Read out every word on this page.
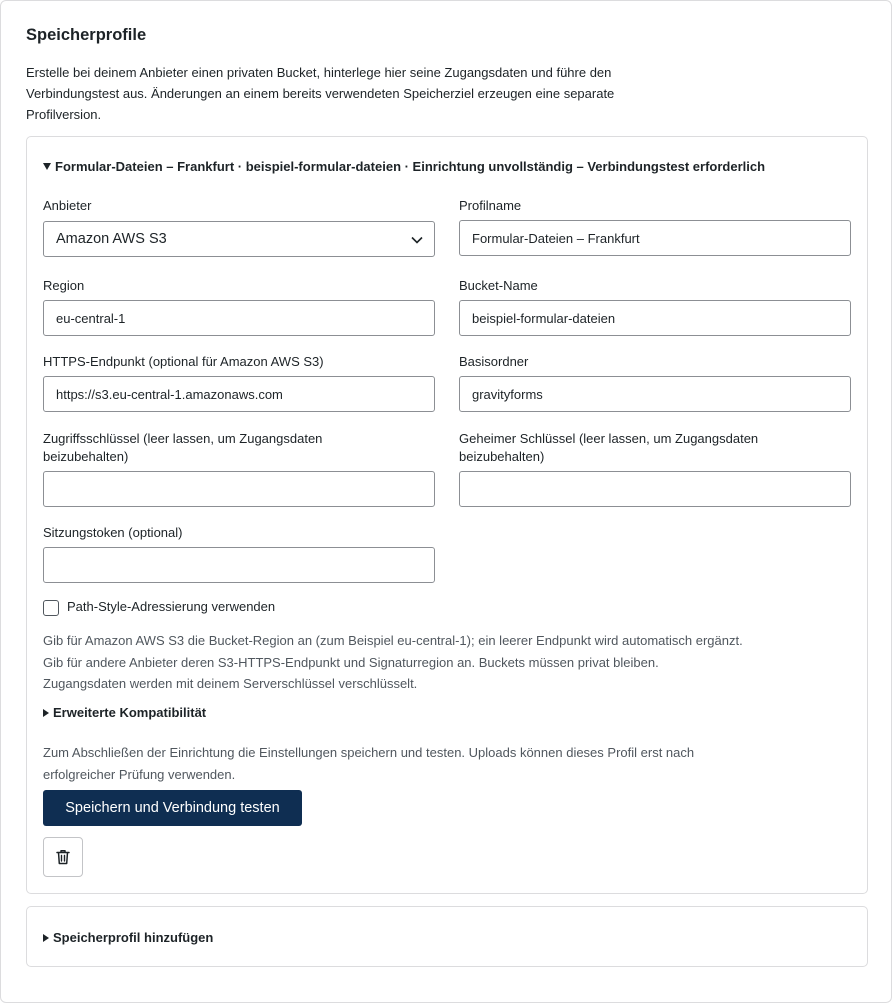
Speicherprofile
Erstelle bei deinem Anbieter einen privaten Bucket, hinterlege hier seine Zugangsdaten und führe den Verbindungstest aus. Änderungen an einem bereits verwendeten Speicherziel erzeugen eine separate Profilversion.
Formular-Dateien – Frankfurt · beispiel-formular-dateien · Einrichtung unvollständig – Verbindungstest erforderlich
Anbieter
Amazon AWS S3
Profilname
Formular-Dateien – Frankfurt
Region
eu-central-1	Bucket-Name
beispiel-formular-dateien
HTTPS-Endpunkt (optional für Amazon AWS S3)
https://s3.eu-central-1.amazonaws.com	Basisordner
gravityforms
Zugriffsschlüssel (leer lassen, um Zugangsdaten beizubehalten)
Geheimer Schlüssel (leer lassen, um Zugangsdaten beizubehalten)
Sitzungstoken (optional)
Path-Style-Adressierung verwenden
Gib für Amazon AWS S3 die Bucket-Region an (zum Beispiel eu-central-1); ein leerer Endpunkt wird automatisch ergänzt. Gib für andere Anbieter deren S3-HTTPS-Endpunkt und Signaturregion an. Buckets müssen privat bleiben. Zugangsdaten werden mit deinem Serverschlüssel verschlüsselt.
Erweiterte Kompatibilität
Zum Abschließen der Einrichtung die Einstellungen speichern und testen. Uploads können dieses Profil erst nach erfolgreicher Prüfung verwenden.
Speichern und Verbindung testen
Speicherprofil hinzufügen
